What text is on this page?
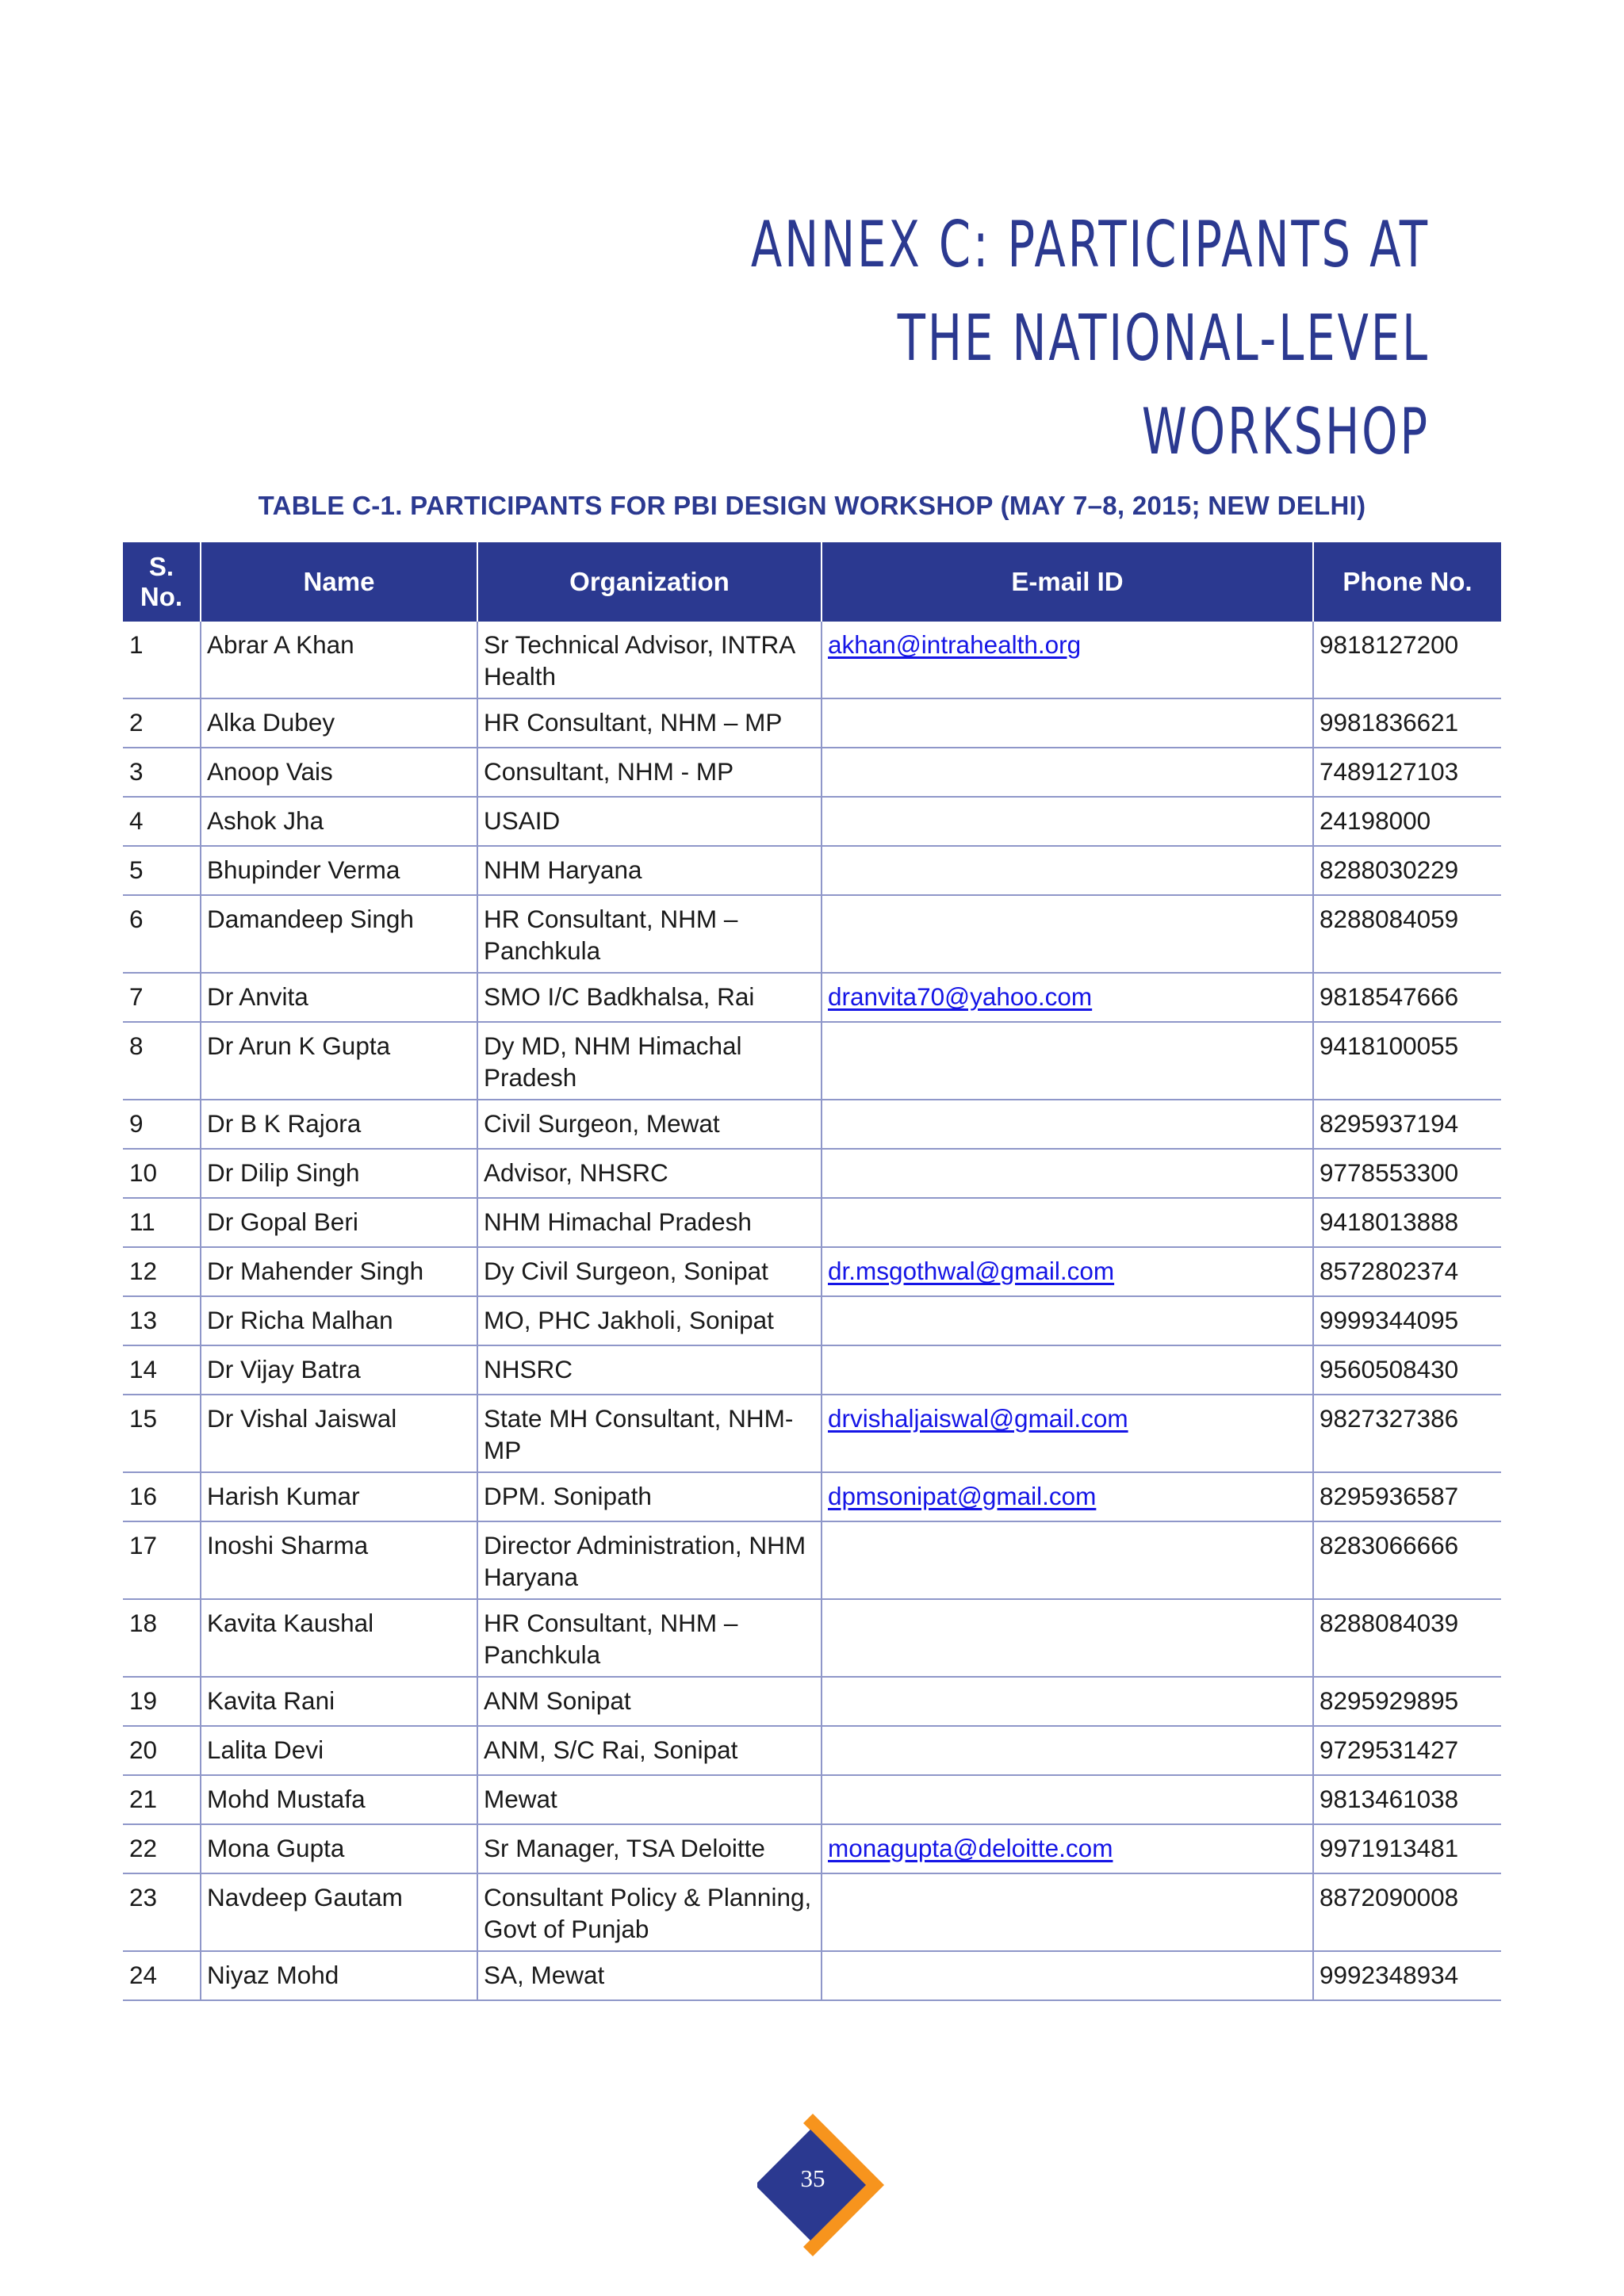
ANNEX C: PARTICIPANTS AT
THE NATIONAL-LEVEL WORKSHOP
TABLE C-1. PARTICIPANTS FOR PBI DESIGN WORKSHOP (MAY 7–8, 2015; NEW DELHI)
S.
No.	Name	Organization	E-mail ID	Phone No.
1	Abrar A Khan	Sr Technical Advisor, INTRA Health	akhan@intrahealth.org	9818127200
2	Alka Dubey	HR Consultant, NHM – MP		9981836621
3	Anoop Vais	Consultant, NHM - MP		7489127103
4	Ashok Jha	USAID		24198000
5	Bhupinder Verma	NHM Haryana		8288030229
6	Damandeep Singh	HR Consultant, NHM – Panchkula		8288084059
7	Dr Anvita	SMO I/C Badkhalsa, Rai	dranvita70@yahoo.com	9818547666
8	Dr Arun K Gupta	Dy MD, NHM Himachal Pradesh		9418100055
9	Dr B K Rajora	Civil Surgeon, Mewat		8295937194
10	Dr Dilip Singh	Advisor, NHSRC		9778553300
11	Dr Gopal Beri	NHM Himachal Pradesh		9418013888
12	Dr Mahender Singh	Dy Civil Surgeon, Sonipat	dr.msgothwal@gmail.com	8572802374
13	Dr Richa Malhan	MO, PHC Jakholi, Sonipat		9999344095
14	Dr Vijay Batra	NHSRC		9560508430
15	Dr Vishal Jaiswal	State MH Consultant, NHM-MP	drvishaljaiswal@gmail.com	9827327386
16	Harish Kumar	DPM. Sonipath	dpmsonipat@gmail.com	8295936587
17	Inoshi Sharma	Director Administration, NHM Haryana		8283066666
18	Kavita Kaushal	HR Consultant, NHM – Panchkula		8288084039
19	Kavita Rani	ANM Sonipat		8295929895
20	Lalita Devi	ANM, S/C Rai, Sonipat		9729531427
21	Mohd Mustafa	Mewat		9813461038
22	Mona Gupta	Sr Manager, TSA Deloitte	monagupta@deloitte.com	9971913481
23	Navdeep Gautam	Consultant Policy & Planning, Govt of Punjab		8872090008
24	Niyaz Mohd	SA, Mewat		9992348934
35
